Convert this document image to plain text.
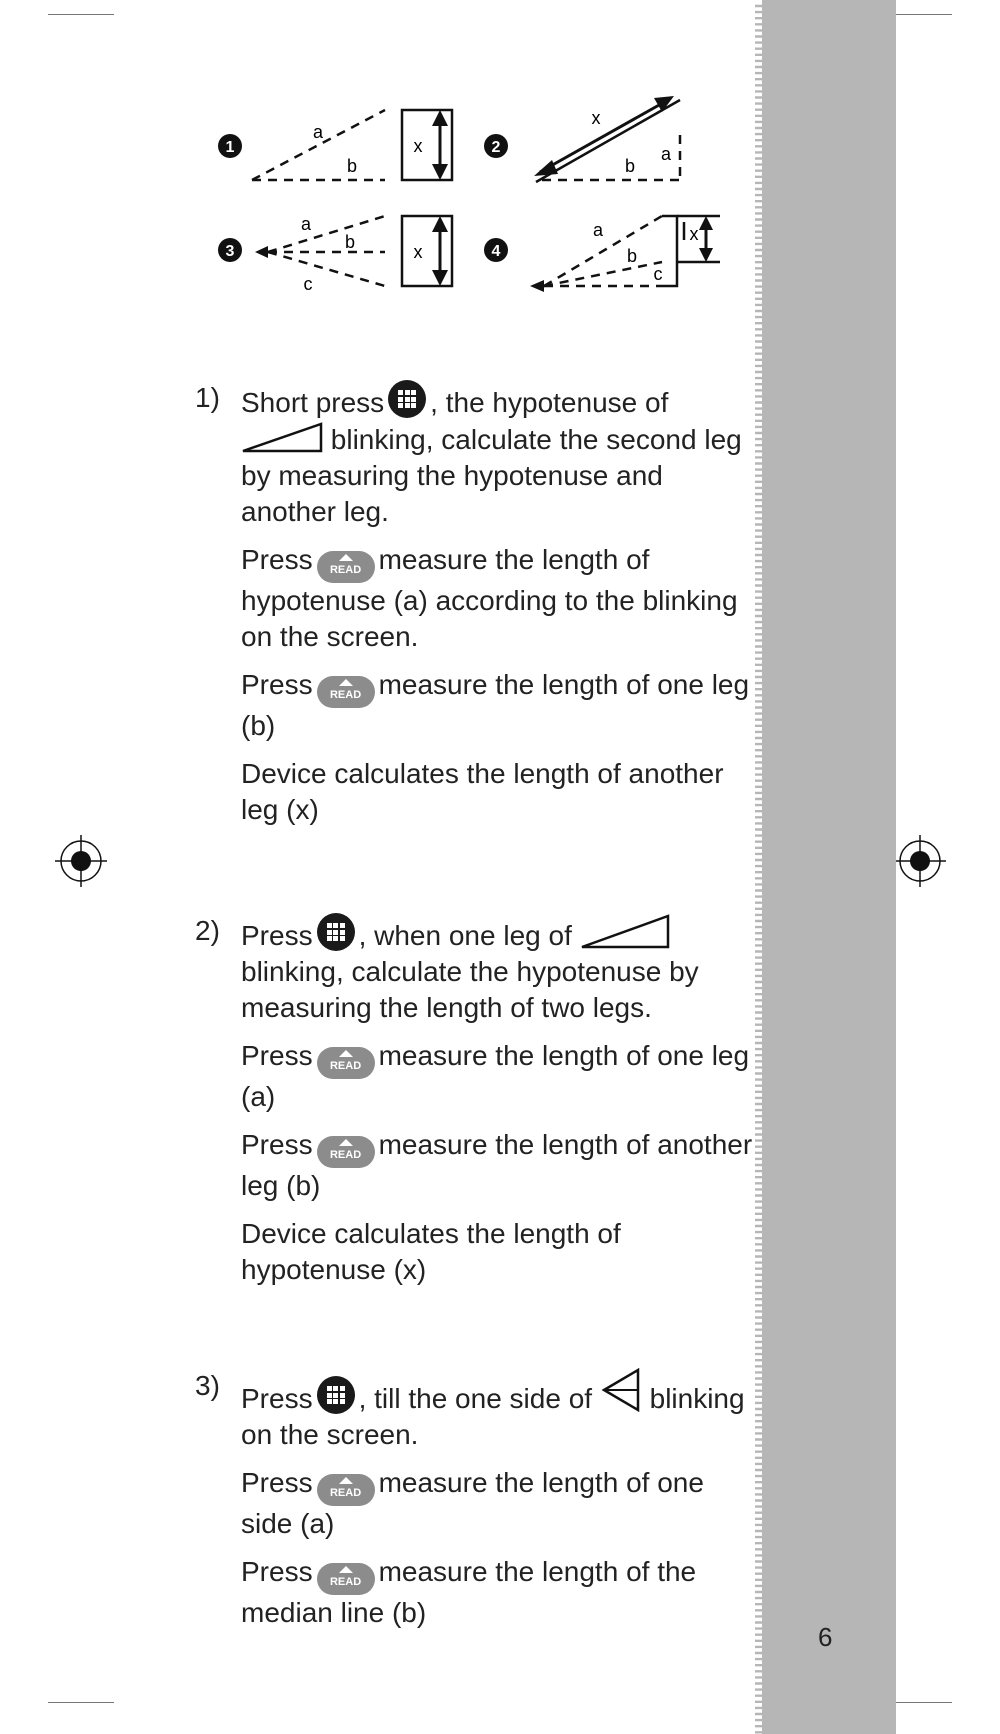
6
1
a
b
x	2
x
b
a
3
a
b
c
x	4
a
b
c
x
1) Short press , the hypotenuse of  blinking, calculate the second leg by measuring the hypotenuse and another leg.
Press READ measure the length of hypotenuse (a) according to the blinking on the screen.
Press READ measure the length of one leg (b)
Device calculates the length of another leg (x)
2) Press , when one leg of  blinking, calculate the hypotenuse by measuring the length of two legs.
Press READ measure the length of one leg (a)
Press READ measure the length of another leg (b)
Device calculates the length of hypotenuse (x)
3) Press , till the one side of blinking on the screen.
Press READ measure the length of one side (a)
Press READ measure the length of the median line (b)
